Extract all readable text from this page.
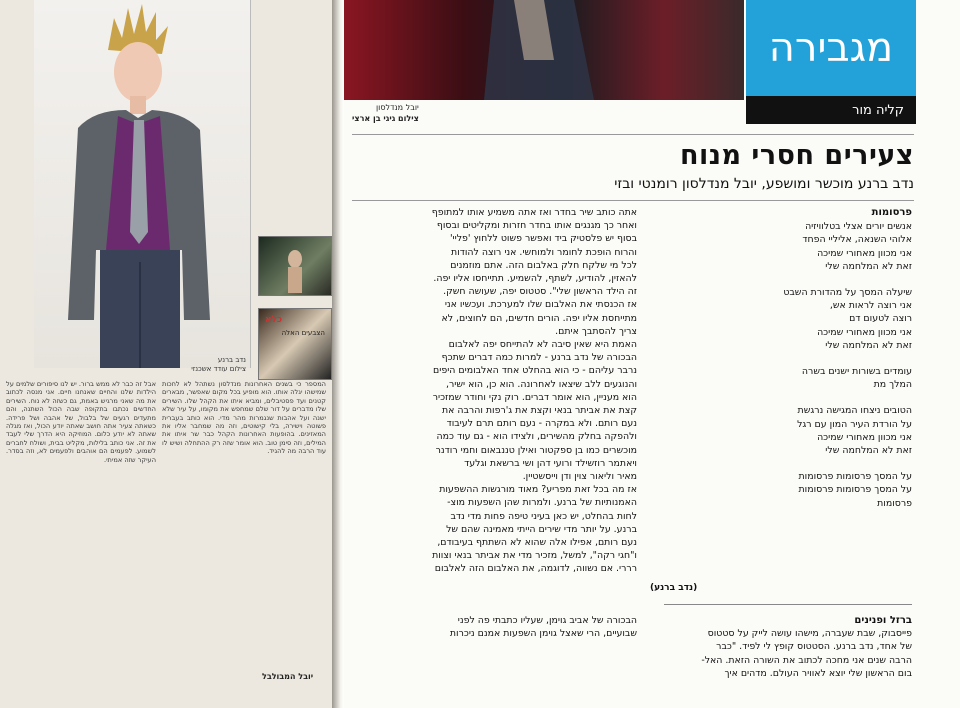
כלא
הצבעים האלה
נדב ברנע
צילום עודד אשכנזי
אבל זה כבר לא ממש ברור. יש לנו סיפורים שלמים על הילדות שלנו והחיים שאנחנו חיים. אני מנסה לכתוב את מה שאני מרגיש באמת, גם כשזה לא נוח. השירים החדשים נכתבו בתקופה שבה הכול השתנה, והם מתעדים רגעים של בלבול, של אהבה ושל פרידה. כשאתה צעיר אתה חושב שאתה יודע הכול, ואז מגלה שאתה לא יודע כלום. המוזיקה היא הדרך שלי לעבד את זה. אני כותב בלילות, מקליט בבית, ושולח לחברים לשמוע. לפעמים הם אוהבים ולפעמים לא, וזה בסדר. העיקר שזה אמיתי.
המספר כי בשנים האחרונות מנדלסון נשתהל לא לחכות שמישהו יגלה אותו. הוא מופיע בכל מקום שאפשר, מבארים קטנים ועד פסטיבלים, ומביא איתו את הקהל שלו. השירים שלו מדברים על דור שלם שמחפש את מקומו, על עיר שלא ישנה ועל אהבות שנגמרות מהר מדי. הוא כותב בעברית פשוטה וישירה, בלי קישוטים, וזה מה שמחבר אליו את המאזינים. בהופעות האחרונות הקהל כבר שר איתו את המילים, וזה סימן טוב. הוא אומר שזה רק ההתחלה ושיש לו עוד הרבה מה להגיד.
יובל המבולבל
יובל מנדלסון
צילום גיגי בן ארצי
מגבירה
קליה מור
צעירים חסרי מנוח
נדב ברנע מוכשר ומושפע, יובל מנדלסון רומנטי ובזי
אתה כותב שיר בחדר ואז אתה משמיע אותו למתופף
ואחר כך מגנגים אותו בחדר חזרות ומקליטים ובסוף
בסוף יש פלסטיק ביד ואפשר פשוט ללחוץ 'פליי'
והרוח הופכת לחומר ולמוחשי. אני רוצה להודות
לכל מי שלקח חלק באלבום הזה. אתם מוזמנים
להאזין, להודיע, לשתף, להשמיע. תתייחסו אליו יפה.
זה הילד הראשון שלי". סטטוס יפה, שעושה חשק.
אז הכנסתי את האלבום שלו למערכת. ועכשיו אני
מתייחסת אליו יפה. הורים חדשים, הם לחוצים, לא
צריך להסתבך איתם.
האמת היא שאין סיבה לא להתייחס יפה לאלבום
הבכורה של נדב ברנע - למרות כמה דברים שתכף
נרבר עליהם - כי הוא בהחלט אחד האלבומים היפים
והנוגעים ללב שיצאו לאחרונה. הוא כן, הוא ישיר,
הוא מעניין, הוא אומר דברים. רוק נקי וחודר שמזכיר
קצת את אביתר בנאי וקצת את ג'רפות והרבה את
נעם רותם. ולא במקרה - נעם רותם תרם לעיבוד
ולהפקה בחלק מהשירים, ולצידו הוא - גם עוד כמה
מוכשרים כמו בן ספקטור ואילן טננבאום וחמי רודנר
ויאתמר רוזשילד ורועי דהן ושי ברשאת וגלעד
מאיר וליאור צוין ודן וייסשטיין.
אז מה בכל זאת מפריע? מאוד מורגשות ההשפעות
האמנותיות של ברנע. ולמרות שהן השפעות מוצ-
לחות בהחלט, יש כאן בעיני טיפה פחות מדי נדב
ברנע. על יותר מדי שירים הייתי מאמינה שהם של
נעם רותם, אפילו אלה שהוא לא השתתף בעיבודם,
ו"חגי רקה", למשל, מזכיר מדי את אביתר בנאי וצוות
רררי. אם נשווה, לדוגמה, את האלבום הזה לאלבום
פרסומות
אנשים יורים אצלי בטלוויזיה
אלוהי השנאה, אליליי הפחד
אני מכוון מאחורי שמיכה
זאת לא המלחמה שלי
שיעלה המסך על מהדורת השבט
אני רוצה לראות אש,
רוצה לטעום דם
אני מכוון מאחורי שמיכה
זאת לא המלחמה שלי
עומדים בשורות ישנים בשרה
המלך מת
הטובים ניצחו המגישה נרגשת
על הורדת העיר המון עם רגל
אני מכוון מאחורי שמיכה
זאת לא המלחמה שלי
על המסך פרסומות פרסומות
על המסך פרסומות פרסומות
פרסומות
(נדב ברנע)
ברזל ופנינים
פייסבוק, שבת שעברה, מישהו עושה לייק על סטטוס
של אחד, נדב ברנע. הסטטוס קופץ לי לפיד. "כבר
הרבה שנים אני מחכה לכתוב את השורה הזאת. האל-
בום הראשון שלי יוצא לאוויר העולם. מדהים איך
הבכורה של אביב גוימן, שעליו כתבתי פה לפני
שבועיים, הרי שאצל גוימן השפעות אמנם ניכרות
